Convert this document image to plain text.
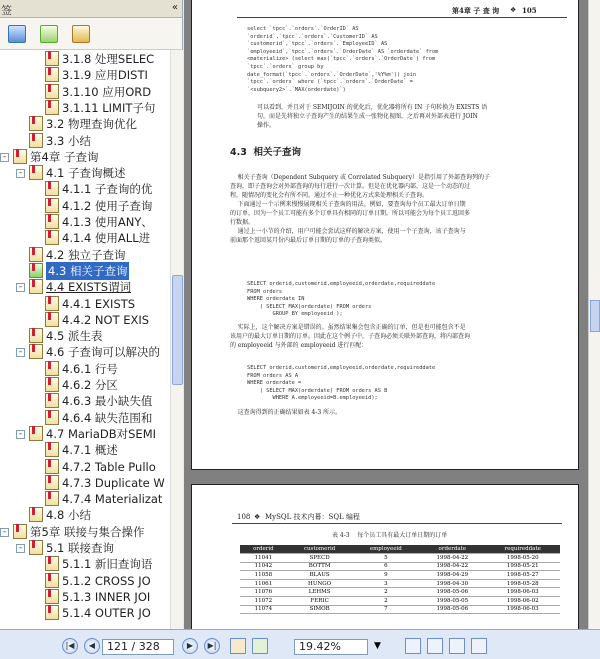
签	«
3.1.8 处理SELEC
3.1.9 应用DISTI
3.1.10 应用ORD
3.1.11 LIMIT子句
3.2 物理查询优化
3.3 小结
- 第4章 子查询
- 4.1 子查询概述
4.1.1 子查询的优
4.1.2 使用子查询
4.1.3 使用ANY、
4.1.4 使用ALL进
4.2 独立子查询
4.3 相关子查询
- 4.4 EXISTS谓词
4.4.1 EXISTS
4.4.2 NOT EXIS
4.5 派生表
- 4.6 子查询可以解决的
4.6.1 行号
4.6.2 分区
4.6.3 最小缺失值
4.6.4 缺失范围和
- 4.7 MariaDB对SEMI
4.7.1 概述
4.7.2 Table Pullo
4.7.3 Duplicate W
4.7.4 Materializat
4.8 小结
- 第5章 联接与集合操作
- 5.1 联接查询
5.1.1 新旧查询语
5.1.2 CROSS JO
5.1.3 INNER JOI
5.1.4 OUTER JO
第4章 子 查 询 ❖ 105
select `tpcc`.`orders`.`OrderID` AS
`orderid`,`tpcc`.`orders`.`CustomerID` AS
`customerid`,`tpcc`.`orders`.`EmployeeID` AS
`employeeid`,`tpcc`.`orders`.`OrderDate` AS `orderdate` from
<materialize> (select max(`tpcc`.`orders`.`OrderDate`) from
`tpcc`.`orders` group by
date_format(`tpcc`.`orders`.`OrderDate`,'%Y%m')) join
`tpcc`.`orders` where (`tpcc`.`orders`.`OrderDate` =
`<subquery2>`.`MAX(orderdate)`)
可以看到，并且对于 SEMIJOIN 的优化后，优化器将所有 IN 子句转换为 EXISTS 语
句，而是先将独立子查询产生的结果生成一张物化视图，之后再对外部表进行 JOIN
操作。
4.3  相关子查询
相关子查询（Dependent Subquery 或 Correlated Subquery）是指引用了外部查询列的子
查询，即子查询会对外部查询的每行进行一次计算。但是在优化器内部，这是一个动态的过
程，随情况的变化会有所不同，通过不止一种优化方式来处理相关子查询。
下面通过一个示例来慢慢展现相关子查询的用法。例如，要查询每个员工最大订单日期
的订单，因为一个员工可能有多个订单具有相同的订单日期，所以可能会为每个员工返回多
行数据。
通过上一小节的介绍，用户可能会尝试这样的解决方案，使用一个子查询，该子查询与
前面那个返回某月份内最后订单日期的订单的子查询类似。
SELECT orderid,customerid,employeeid,orderdate,requireddate
FROM orders
WHERE orderdate IN
( SELECT MAX(orderdate) FROM orders
GROUP BY employeeid );
实际上，这个解决方案是错误的。虽然结果集会包含正确的订单，但是也可能包含不是
该用户的最大订单日期的订单。因此在这个例子中，子查询必须关联外部查询，将内部查询
的 employeeid 与外部的 employeeid 进行匹配：
SELECT orderid,customerid,employeeid,orderdate,requireddate
FROM orders AS A
WHERE orderdate =
( SELECT MAX(orderdate) FROM orders AS B
WHERE A.employeeid=B.employeeid);
这查询得到的正确结果如表 4-3 所示。
108 ❖ MySQL 技术内幕：SQL 编程
表 4-3    每个员工具有最大订单日期的订单
orderid	customerid	employeeid	orderdate	requireddate
11041	SPECD	5	1998-04-22	1998-05-20
11042	BOTTM	6	1998-04-22	1998-05-21
11058	BLAUS	9	1998-04-29	1998-05-27
11061	HUNGO	3	1998-04-30	1998-05-28
11076	LEHMS	2	1998-05-06	1998-06-03
11072	FERIC	2	1998-05-05	1998-06-02
11074	SIMOB	7	1998-05-06	1998-06-03
|◀	◀	121 / 328	▶	▶|	19.42%	▼
